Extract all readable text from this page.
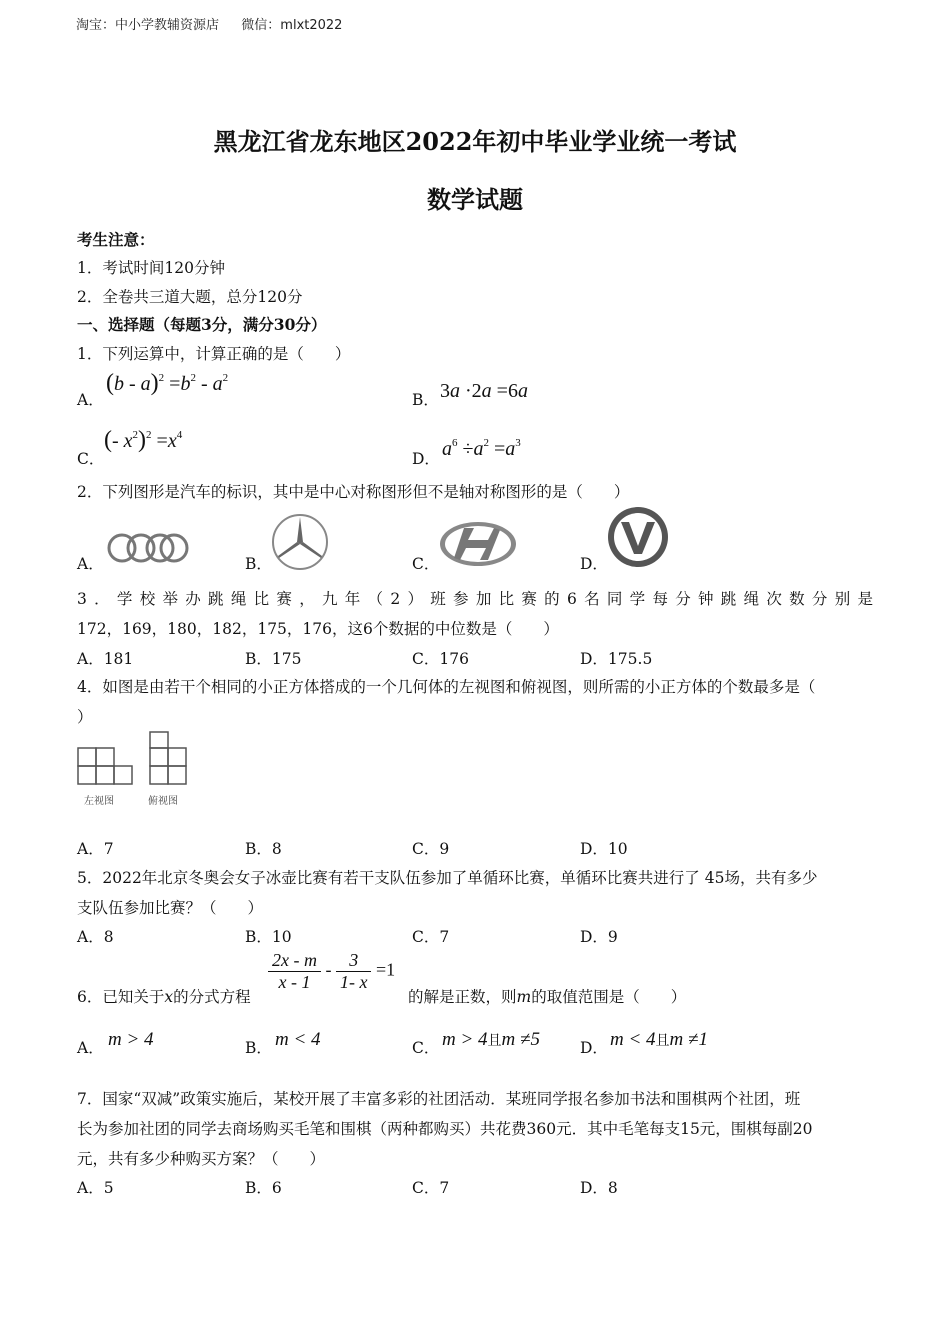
淘宝：中小学教辅资源店 微信：mlxt2022
黑龙江省龙东地区2022年初中毕业学业统一考试
数学试题
考生注意：
1．考试时间120分钟
2．全卷共三道大题，总分120分
一、选择题（每题3分，满分30分）
1．下列运算中，计算正确的是（　　）
A．
$(b - a)^2 =b^2 - a^2$
B． 3a ·2a =6a
C．
(- $x^2)^2 =x^4$
D． $a^6 \div a^2 =a^3$
2．下列图形是汽车的标识，其中是中心对称图形但不是轴对称图形的是（　　）
A．	B．	C．	D．
3．学校举办跳绳比赛，九年（2）班参加比赛的6名同学每分钟跳绳次数分别是
172，169，180，182，175，176，这6个数据的中位数是（　　）
A．181	B．175	C．176	D．175.5
4．如图是由若干个相同的小正方体搭成的一个几何体的左视图和俯视图，则所需的小正方体的个数最多是（
）
左视图	俯视图
A．7	B．8	C．9	D．10
5．2022年北京冬奥会女子冰壶比赛有若干支队伍参加了单循环比赛，单循环比赛共进行了 45场，共有多少
支队伍参加比赛？（　　）
A．8	B．10	C．7	D．9
6．已知关于x的分式方程
$\frac{2x - m}{x - 1} - \frac{3}{1- x} =1$
的解是正数，则m的取值范围是（　　）
A． m > 4	B． m < 4	C． m > 4且m ≠5	D． m < 4且m ≠1
7．国家“双减”政策实施后，某校开展了丰富多彩的社团活动．某班同学报名参加书法和围棋两个社团，班
长为参加社团的同学去商场购买毛笔和围棋（两种都购买）共花费360元．其中毛笔每支15元，围棋每副20
元，共有多少种购买方案？（　　）
A．5	B．6	C．7	D．8
